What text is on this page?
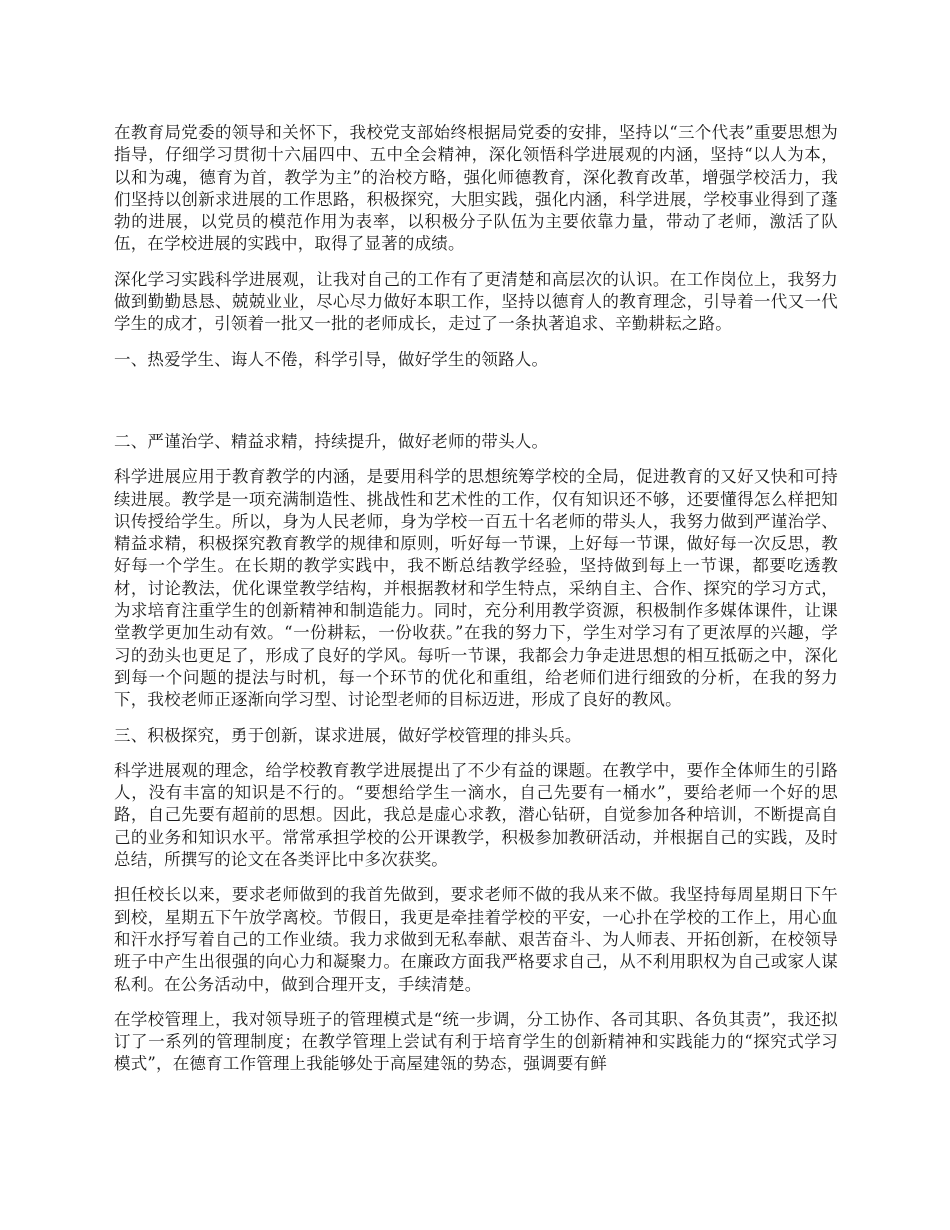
在教育局党委的领导和关怀下，我校党支部始终根据局党委的安排，坚持以“三个代表”重要思想为指导，仔细学习贯彻十六届四中、五中全会精神，深化领悟科学进展观的内涵，坚持“以人为本，以和为魂，德育为首，教学为主”的治校方略，强化师德教育，深化教育改革，增强学校活力，我们坚持以创新求进展的工作思路，积极探究，大胆实践，强化内涵，科学进展，学校事业得到了蓬勃的进展，以党员的模范作用为表率，以积极分子队伍为主要依靠力量，带动了老师，激活了队伍，在学校进展的实践中，取得了显著的成绩。

深化学习实践科学进展观，让我对自己的工作有了更清楚和高层次的认识。在工作岗位上，我努力做到勤勤恳恳、兢兢业业，尽心尽力做好本职工作，坚持以德育人的教育理念，引导着一代又一代学生的成才，引领着一批又一批的老师成长，走过了一条执著追求、辛勤耕耘之路。

一、热爱学生、诲人不倦，科学引导，做好学生的领路人。

二、严谨治学、精益求精，持续提升，做好老师的带头人。

科学进展应用于教育教学的内涵，是要用科学的思想统筹学校的全局，促进教育的又好又快和可持续进展。教学是一项充满制造性、挑战性和艺术性的工作，仅有知识还不够，还要懂得怎么样把知识传授给学生。所以，身为人民老师，身为学校一百五十名老师的带头人，我努力做到严谨治学、精益求精，积极探究教育教学的规律和原则，听好每一节课，上好每一节课，做好每一次反思，教好每一个学生。在长期的教学实践中，我不断总结教学经验，坚持做到每上一节课，都要吃透教材，讨论教法，优化课堂教学结构，并根据教材和学生特点，采纳自主、合作、探究的学习方式，为求培育注重学生的创新精神和制造能力。同时，充分利用教学资源，积极制作多媒体课件，让课堂教学更加生动有效。“一份耕耘，一份收获。”在我的努力下，学生对学习有了更浓厚的兴趣，学习的劲头也更足了，形成了良好的学风。每听一节课，我都会力争走进思想的相互抵砺之中，深化到每一个问题的提法与时机，每一个环节的优化和重组，给老师们进行细致的分析，在我的努力下，我校老师正逐渐向学习型、讨论型老师的目标迈进，形成了良好的教风。

三、积极探究，勇于创新，谋求进展，做好学校管理的排头兵。

科学进展观的理念，给学校教育教学进展提出了不少有益的课题。在教学中，要作全体师生的引路人，没有丰富的知识是不行的。“要想给学生一滴水，自己先要有一桶水”，要给老师一个好的思路，自己先要有超前的思想。因此，我总是虚心求教，潜心钻研，自觉参加各种培训，不断提高自己的业务和知识水平。常常承担学校的公开课教学，积极参加教研活动，并根据自己的实践，及时总结，所撰写的论文在各类评比中多次获奖。

担任校长以来，要求老师做到的我首先做到，要求老师不做的我从来不做。我坚持每周星期日下午到校，星期五下午放学离校。节假日，我更是牵挂着学校的平安，一心扑在学校的工作上，用心血和汗水抒写着自己的工作业绩。我力求做到无私奉献、艰苦奋斗、为人师表、开拓创新，在校领导班子中产生出很强的向心力和凝聚力。在廉政方面我严格要求自己，从不利用职权为自己或家人谋私利。在公务活动中，做到合理开支，手续清楚。

在学校管理上，我对领导班子的管理模式是“统一步调，分工协作、各司其职、各负其责”，我还拟订了一系列的管理制度；在教学管理上尝试有利于培育学生的创新精神和实践能力的“探究式学习模式”，在德育工作管理上我能够处于高屋建瓴的势态，强调要有鲜
